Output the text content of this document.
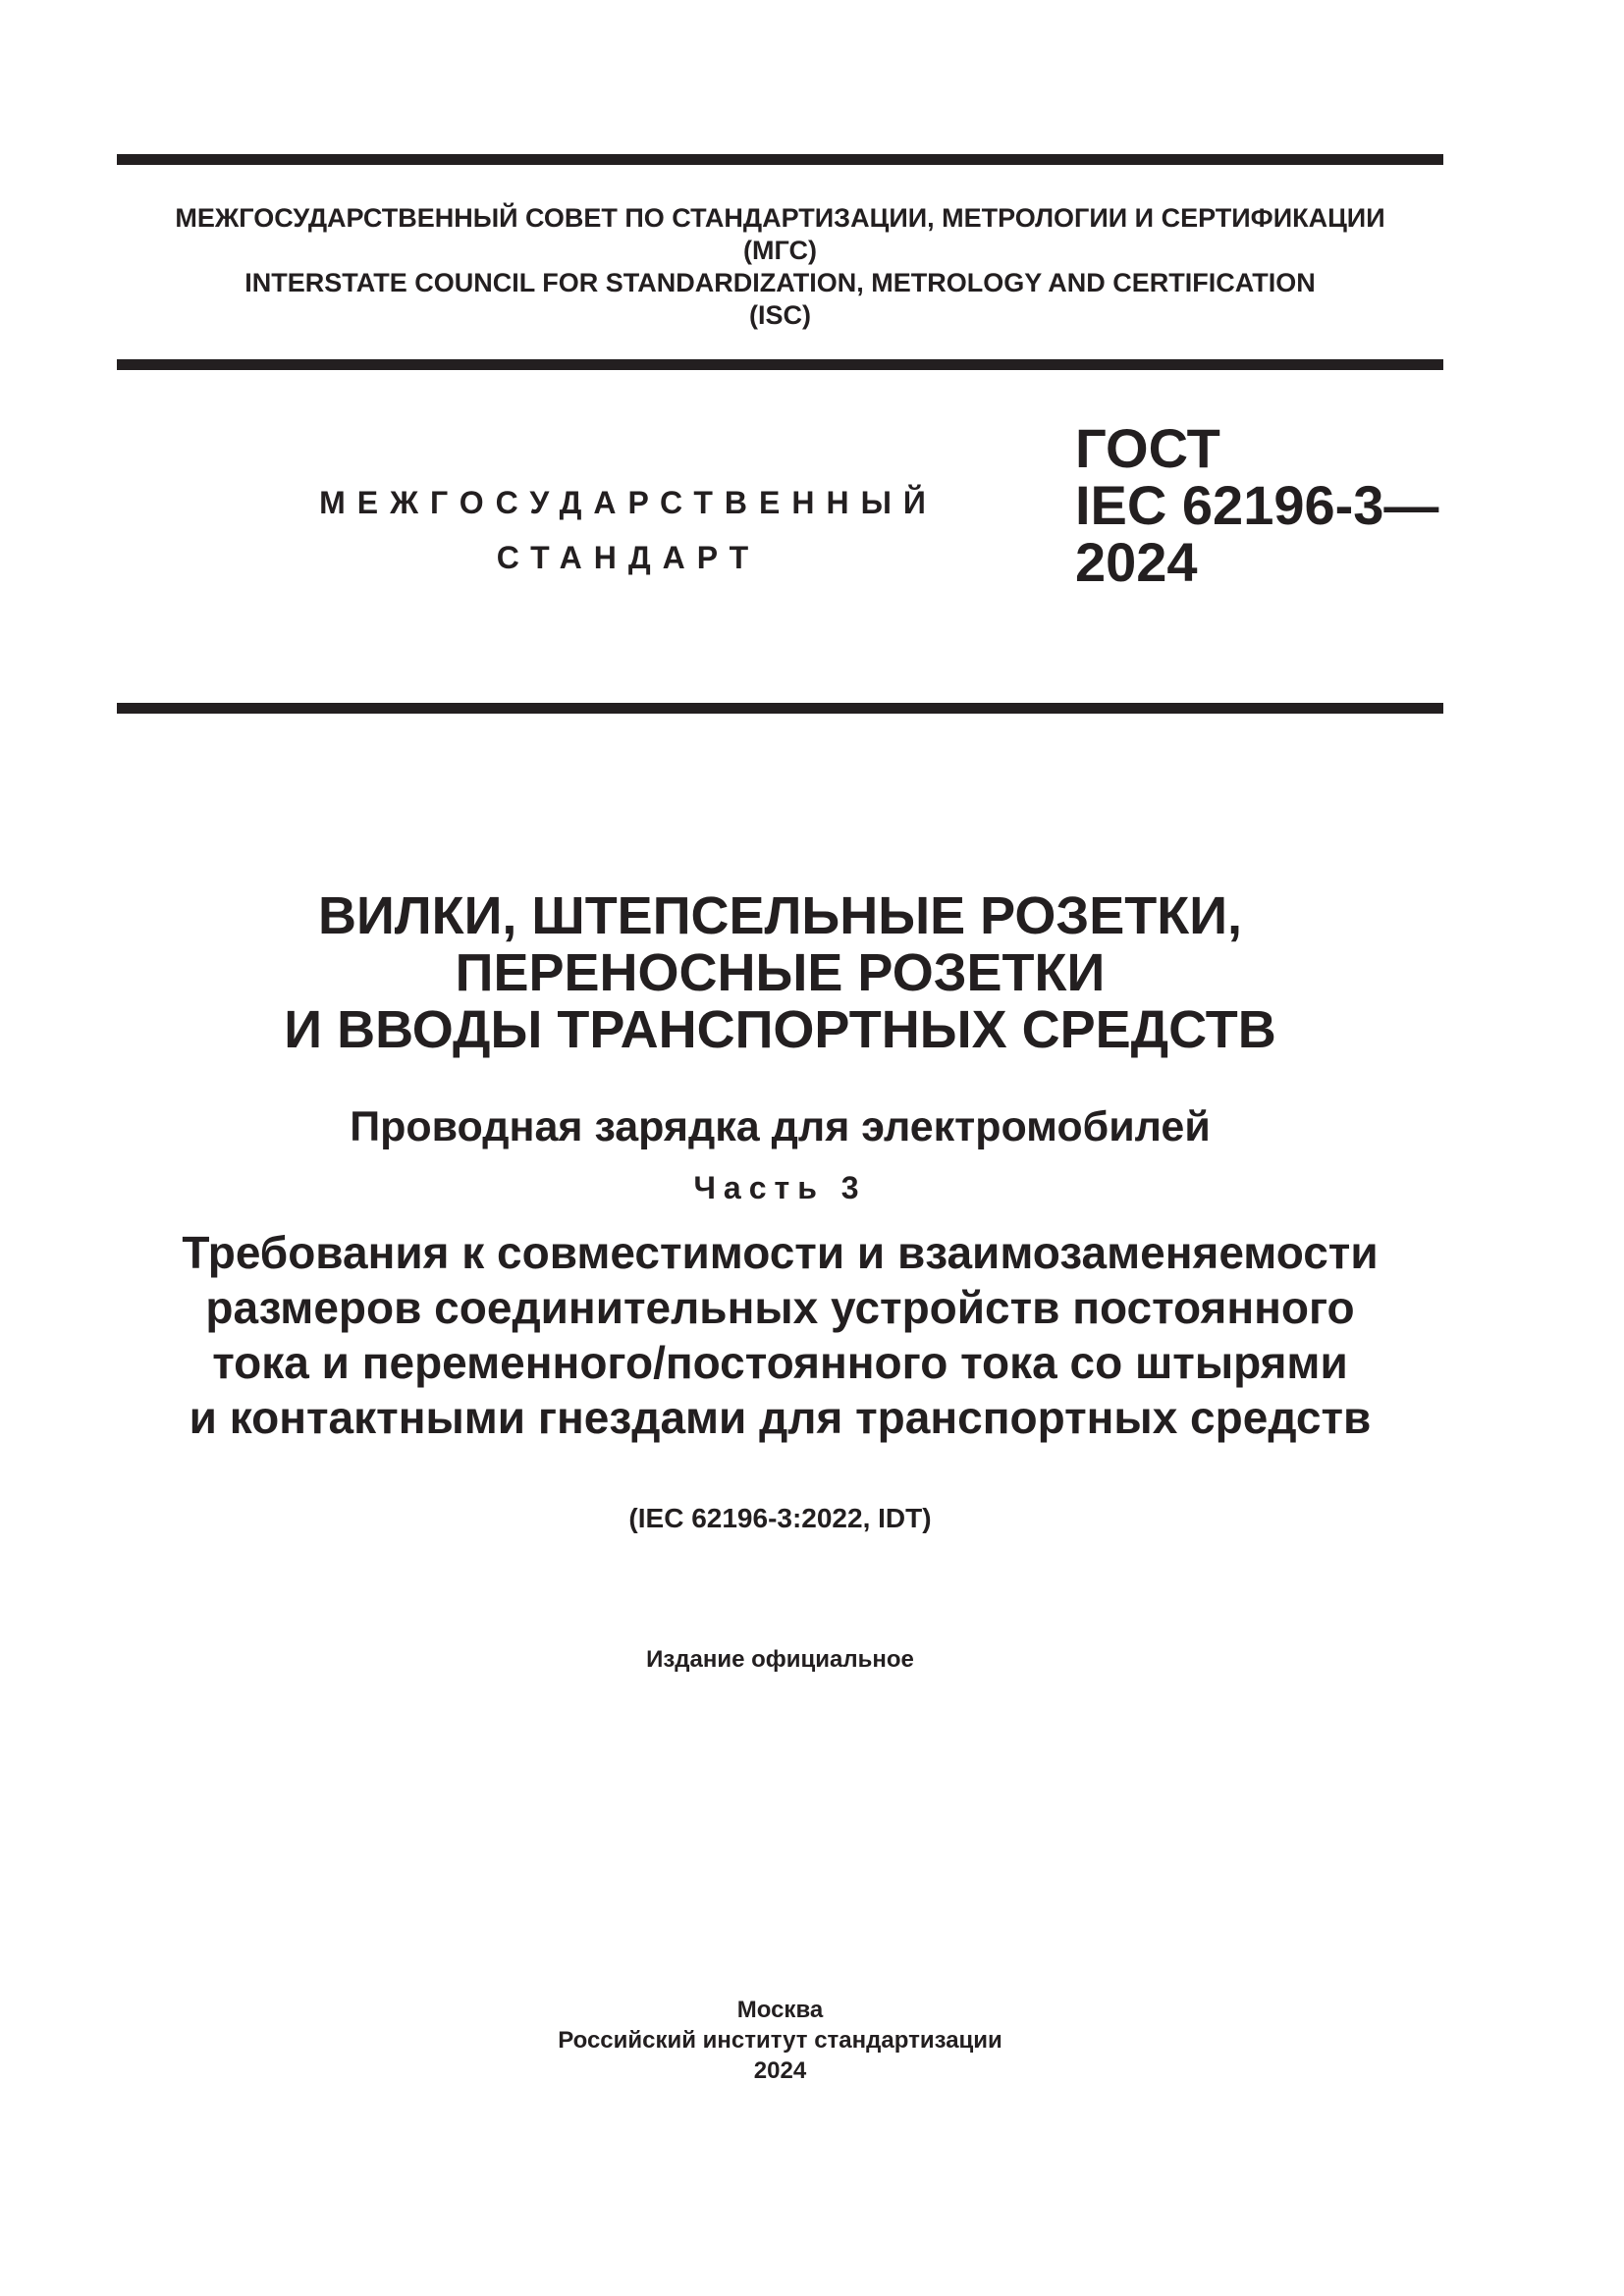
МЕЖГОСУДАРСТВЕННЫЙ СОВЕТ ПО СТАНДАРТИЗАЦИИ, МЕТРОЛОГИИ И СЕРТИФИКАЦИИ
(МГС)
INTERSTATE COUNCIL FOR STANDARDIZATION, METROLOGY AND CERTIFICATION
(ISC)
МЕЖГОСУДАРСТВЕННЫЙ
СТАНДАРТ
ГОСТ
IEC 62196-3—
2024
ВИЛКИ, ШТЕПСЕЛЬНЫЕ РОЗЕТКИ,
ПЕРЕНОСНЫЕ РОЗЕТКИ
И ВВОДЫ ТРАНСПОРТНЫХ СРЕДСТВ
Проводная зарядка для электромобилей
Часть 3
Требования к совместимости и взаимозаменяемости
размеров соединительных устройств постоянного
тока и переменного/постоянного тока со штырями
и контактными гнездами для транспортных средств
(IEC 62196-3:2022, IDT)
Издание официальное
Москва
Российский институт стандартизации
2024
